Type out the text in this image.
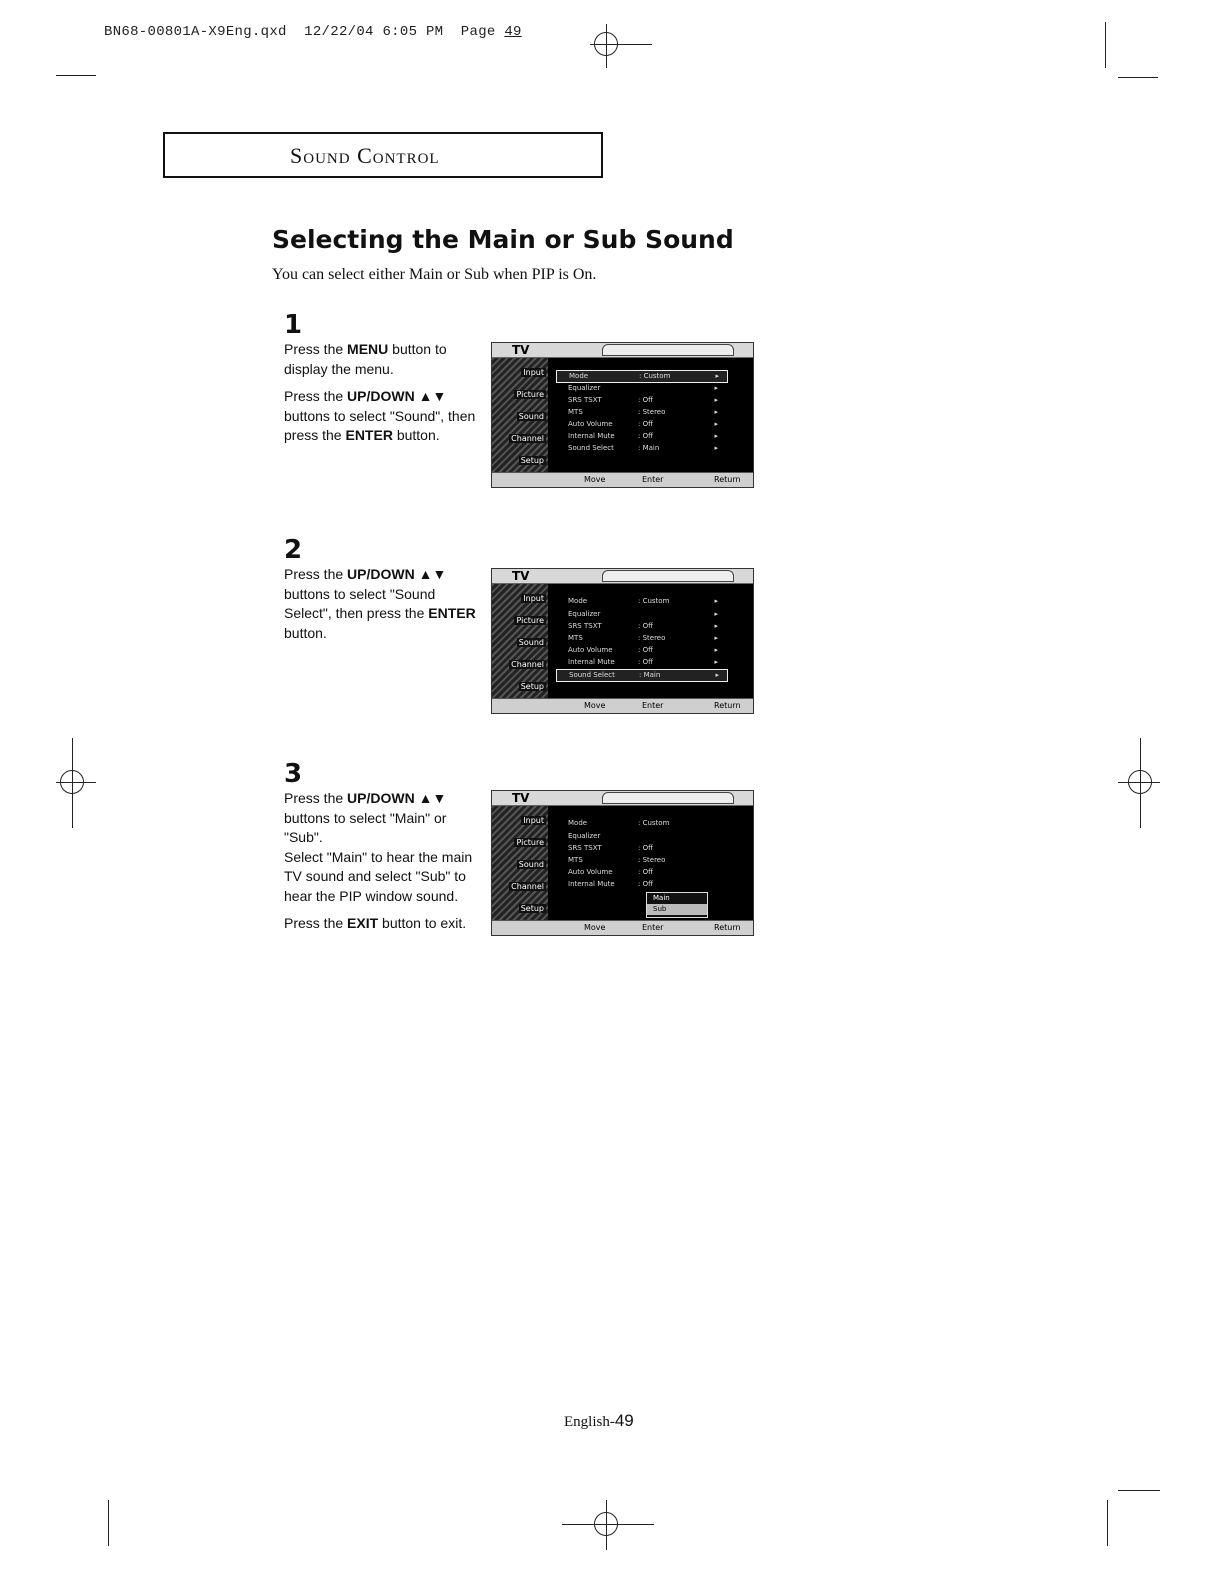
BN68-00801A-X9Eng.qxd 12/22/04 6:05 PM Page 49
Sound Control
Selecting the Main or Sub Sound
You can select either Main or Sub when PIP is On.
1

Press the MENU button to display the menu.

Press the UP/DOWN ▲▼ buttons to select "Sound", then press the ENTER button.

TV
Input
Picture
Sound
Channel
Setup
Mode	: Custom	▸
Equalizer	▸
SRS TSXT	: Off	▸
MTS	: Stereo	▸
Auto Volume	: Off	▸
Internal Mute	: Off	▸
Sound Select	: Main	▸
Move	Enter	Return
2

Press the UP/DOWN ▲▼ buttons to select "Sound Select", then press the ENTER button.

TV
Input
Picture
Sound
Channel
Setup
Mode	: Custom	▸
Equalizer	▸
SRS TSXT	: Off	▸
MTS	: Stereo	▸
Auto Volume	: Off	▸
Internal Mute	: Off	▸
Sound Select	: Main	▸
Move	Enter	Return
3

Press the UP/DOWN ▲▼ buttons to select "Main" or "Sub".

Select "Main" to hear the main TV sound and select "Sub" to hear the PIP window sound.

Press the EXIT button to exit.

TV
Input
Picture
Sound
Channel
Setup
Mode	: Custom
Equalizer
SRS TSXT	: Off
MTS	: Stereo
Auto Volume	: Off
Internal Mute	: Off
Main
Sub
Move	Enter	Return
English-49
